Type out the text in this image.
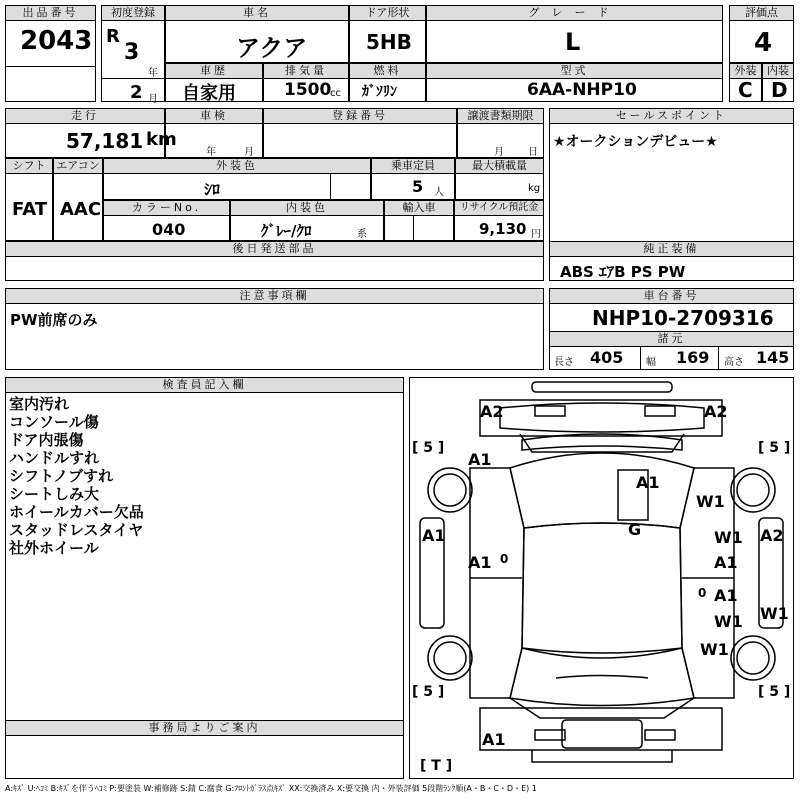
出品番号
2043
初度登録
R
3
年
2 月
車名
アクア
ドア形状
5HB
グレード
L
評価点
4
車歴
自家用
排気量
1500
cc
燃料
ｶﾞｿﾘﾝ
型式
6AA-NHP10
外装
C
内装
D
走行
57,181 km
車検
年	月
登録番号	譲渡書類期限
月 日
セールスポイント
★オークションデビュー★
シフト
FAT
エアコン
AAC
外装色
ｼﾛ
乗車定員
5 人
最大積載量
kg
カラーNo.
040
内装色
ｸﾞﾚｰ/ｸﾛ	系
輸入車	リサイクル預託金
9,130 円
後日発送部品	純正装備
ABS ｴｱB PS PW
注意事項欄
PW前席のみ
車台番号
NHP10-2709316
諸元
長さ 405 幅 169 高さ 145
検査員記入欄
室内汚れ
コンソール傷
ドア内張傷
ハンドルすれ
シフトノブすれ
シートしみ大
ホイールカバー欠品
スタッドレスタイヤ
社外ホイール
事務局よりご案内
A2	A2
A1
A1
W1
G
A1	W1 A2
A1 0	A1
A1
0
W1 W1
A1
W1
[ 5 ]	[ 5 ]
[ 5 ]	[ 5 ]
[ T ]
A:ｷｽﾞ U:ﾍｺﾐ B:ｷｽﾞを伴うﾍｺﾐ P:要塗装 W:補修跡 S:錆 C:腐食 G:ﾌﾛﾝﾄｶﾞﾗｽ点ｷｽﾞ XX:交換済み X:要交換 内・外装評価 5段階ﾗﾝｸ順(A・B・C・D・E) 1
